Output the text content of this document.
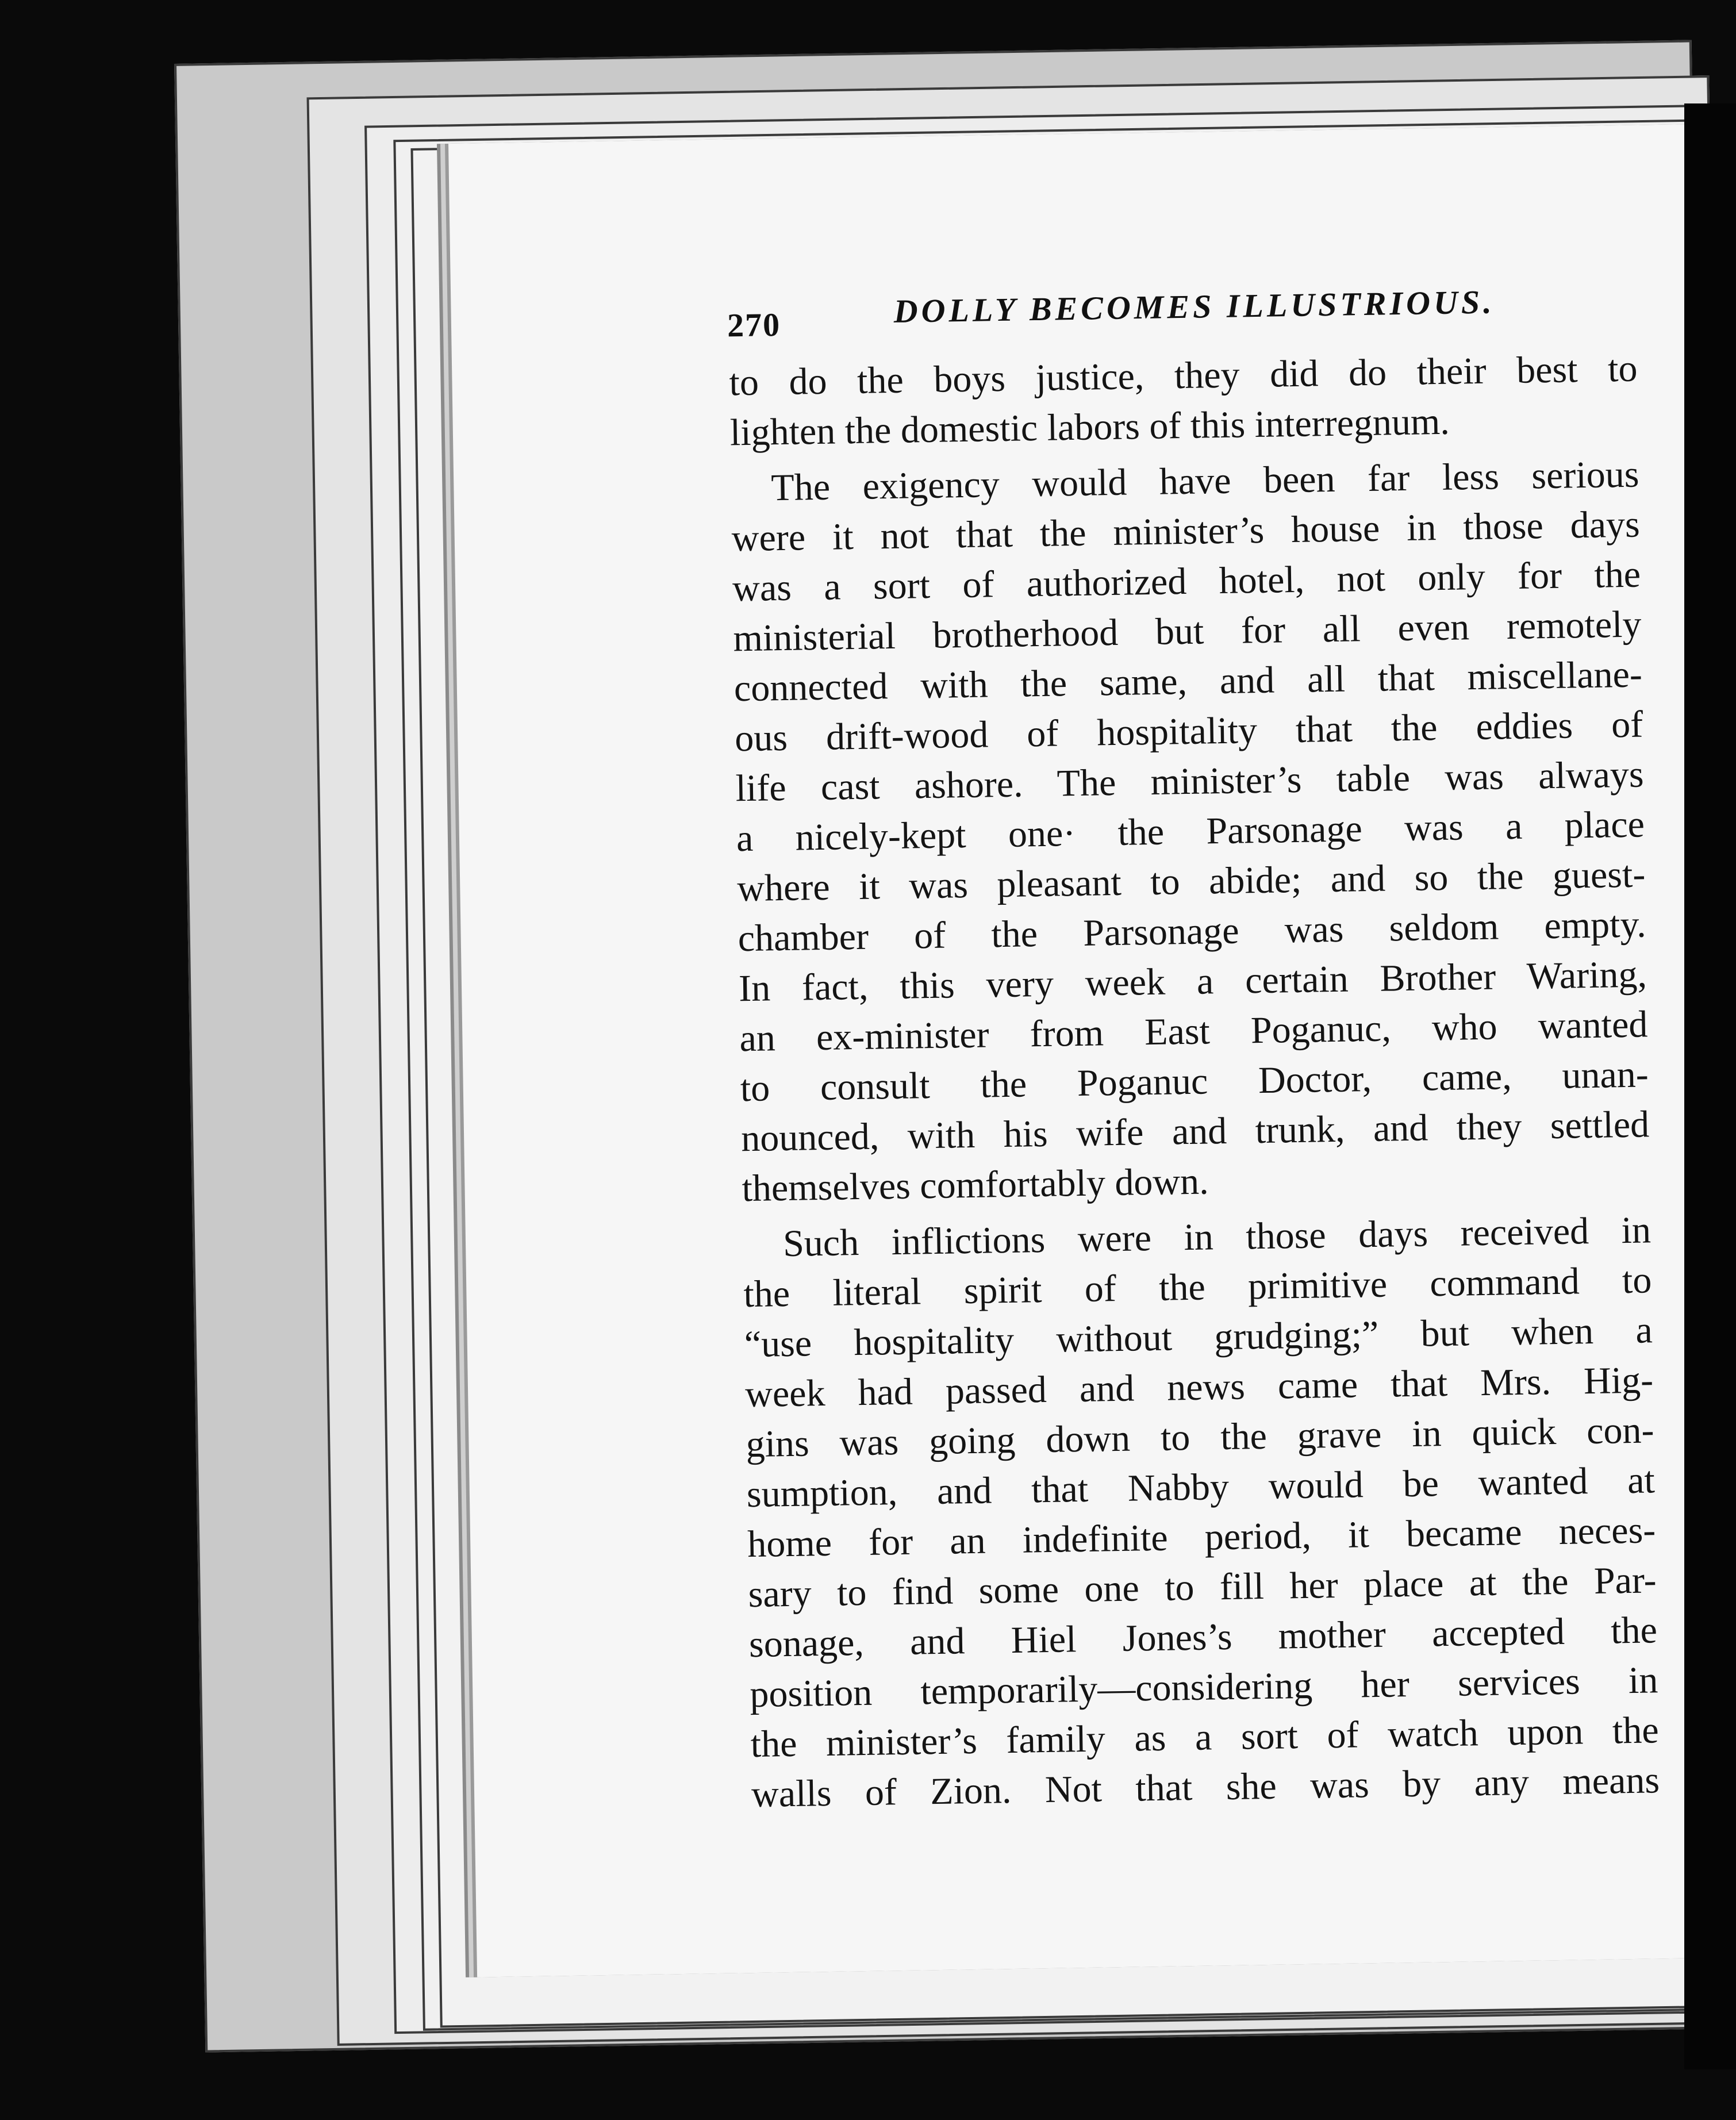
270	DOLLY BECOMES ILLUSTRIOUS.
to do the boys justice, they did do their best to
lighten the domestic labors of this interregnum.
The exigency would have been far less serious
were it not that the minister’s house in those days
was a sort of authorized hotel, not only for the
ministerial brotherhood but for all even remotely
connected with the same, and all that miscellane-
ous drift-wood of hospitality that the eddies of
life cast ashore. The minister’s table was always
a nicely-kept one· the Parsonage was a place
where it was pleasant to abide; and so the guest-
chamber of the Parsonage was seldom empty.
In fact, this very week a certain Brother Waring,
an ex-minister from East Poganuc, who wanted
to consult the Poganuc Doctor, came, unan-
nounced, with his wife and trunk, and they settled
themselves comfortably down.
Such inflictions were in those days received in
the literal spirit of the primitive command to
“use hospitality without grudging;” but when a
week had passed and news came that Mrs. Hig-
gins was going down to the grave in quick con-
sumption, and that Nabby would be wanted at
home for an indefinite period, it became neces-
sary to find some one to fill her place at the Par-
sonage, and Hiel Jones’s mother accepted the
position temporarily—considering her services in
the minister’s family as a sort of watch upon the
walls of Zion. Not that she was by any means
